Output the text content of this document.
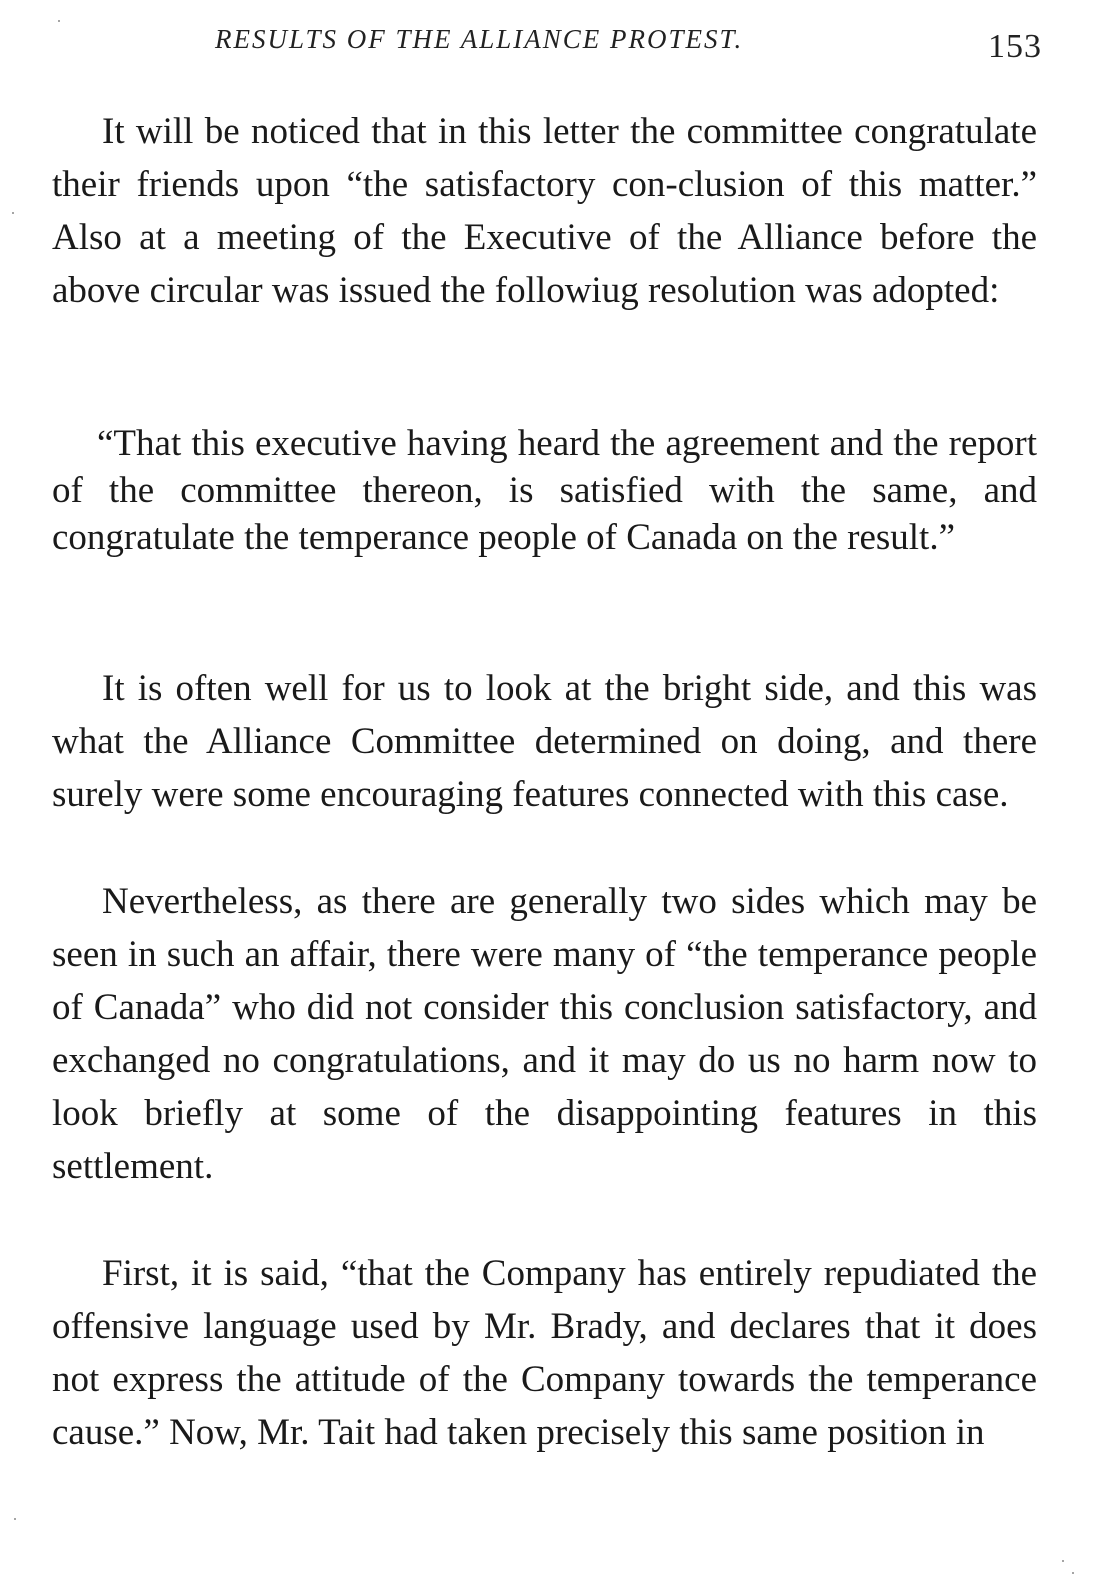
RESULTS OF THE ALLIANCE PROTEST.	153

It will be noticed that in this letter the committee congratulate their friends upon “the satisfactory con-clusion of this matter.” Also at a meeting of the Executive of the Alliance before the above circular was issued the followiug resolution was adopted:

“That this executive having heard the agreement and the report of the committee thereon, is satisfied with the same, and congratulate the temperance people of Canada on the result.”

It is often well for us to look at the bright side, and this was what the Alliance Committee determined on doing, and there surely were some encouraging features connected with this case.

Nevertheless, as there are generally two sides which may be seen in such an affair, there were many of “the temperance people of Canada” who did not consider this conclusion satisfactory, and exchanged no congratulations, and it may do us no harm now to look briefly at some of the disappointing features in this settlement.

First, it is said, “that the Company has entirely repudiated the offensive language used by Mr. Brady, and declares that it does not express the attitude of the Company towards the temperance cause.” Now, Mr. Tait had taken precisely this same position in
